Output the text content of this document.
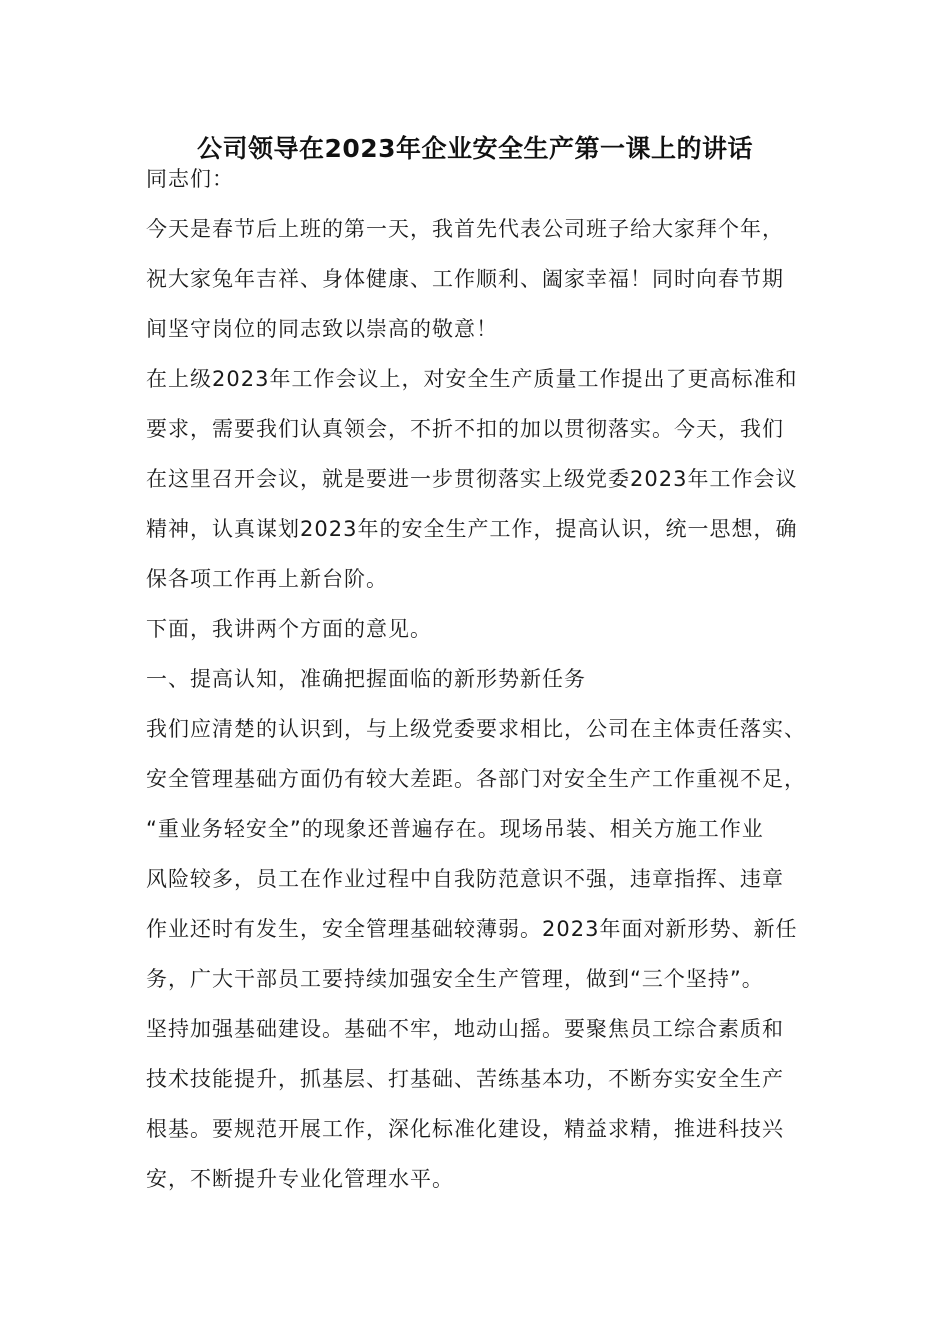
公司领导在2023年企业安全生产第一课上的讲话
同志们：
今天是春节后上班的第一天，我首先代表公司班子给大家拜个年，
祝大家兔年吉祥、身体健康、工作顺利、阖家幸福！同时向春节期
间坚守岗位的同志致以崇高的敬意！
在上级2023年工作会议上，对安全生产质量工作提出了更高标准和
要求，需要我们认真领会，不折不扣的加以贯彻落实。今天，我们
在这里召开会议，就是要进一步贯彻落实上级党委2023年工作会议
精神，认真谋划2023年的安全生产工作，提高认识，统一思想，确
保各项工作再上新台阶。
下面，我讲两个方面的意见。
一、提高认知，准确把握面临的新形势新任务
我们应清楚的认识到，与上级党委要求相比，公司在主体责任落实、
安全管理基础方面仍有较大差距。各部门对安全生产工作重视不足，
“重业务轻安全”的现象还普遍存在。现场吊装、相关方施工作业
风险较多，员工在作业过程中自我防范意识不强，违章指挥、违章
作业还时有发生，安全管理基础较薄弱。2023年面对新形势、新任
务，广大干部员工要持续加强安全生产管理，做到“三个坚持”。
坚持加强基础建设。基础不牢，地动山摇。要聚焦员工综合素质和
技术技能提升，抓基层、打基础、苦练基本功，不断夯实安全生产
根基。要规范开展工作，深化标准化建设，精益求精，推进科技兴
安，不断提升专业化管理水平。
